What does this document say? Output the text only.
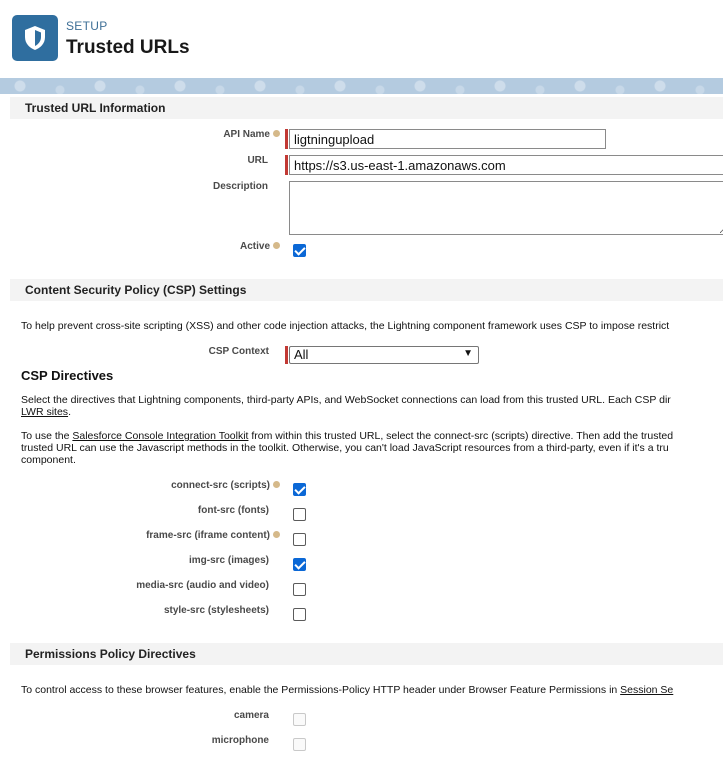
SETUP
Trusted URLs
Trusted URL Information
API Name
ligtningupload
URL
https://s3.us-east-1.amazonaws.com
Description
Active
Content Security Policy (CSP) Settings
To help prevent cross-site scripting (XSS) and other code injection attacks, the Lightning component framework uses CSP to impose restrict
CSP Context	All	▼
CSP Directives
Select the directives that Lightning components, third-party APIs, and WebSocket connections can load from this trusted URL. Each CSP dir
LWR sites.
To use the Salesforce Console Integration Toolkit from within this trusted URL, select the connect-src (scripts) directive. Then add the trusted
trusted URL can use the Javascript methods in the toolkit. Otherwise, you can't load JavaScript resources from a third-party, even if it's a tru
component.
connect-src (scripts)
font-src (fonts)
frame-src (iframe content)
img-src (images)
media-src (audio and video)
style-src (stylesheets)
Permissions Policy Directives
To control access to these browser features, enable the Permissions-Policy HTTP header under Browser Feature Permissions in Session Se
camera
microphone
